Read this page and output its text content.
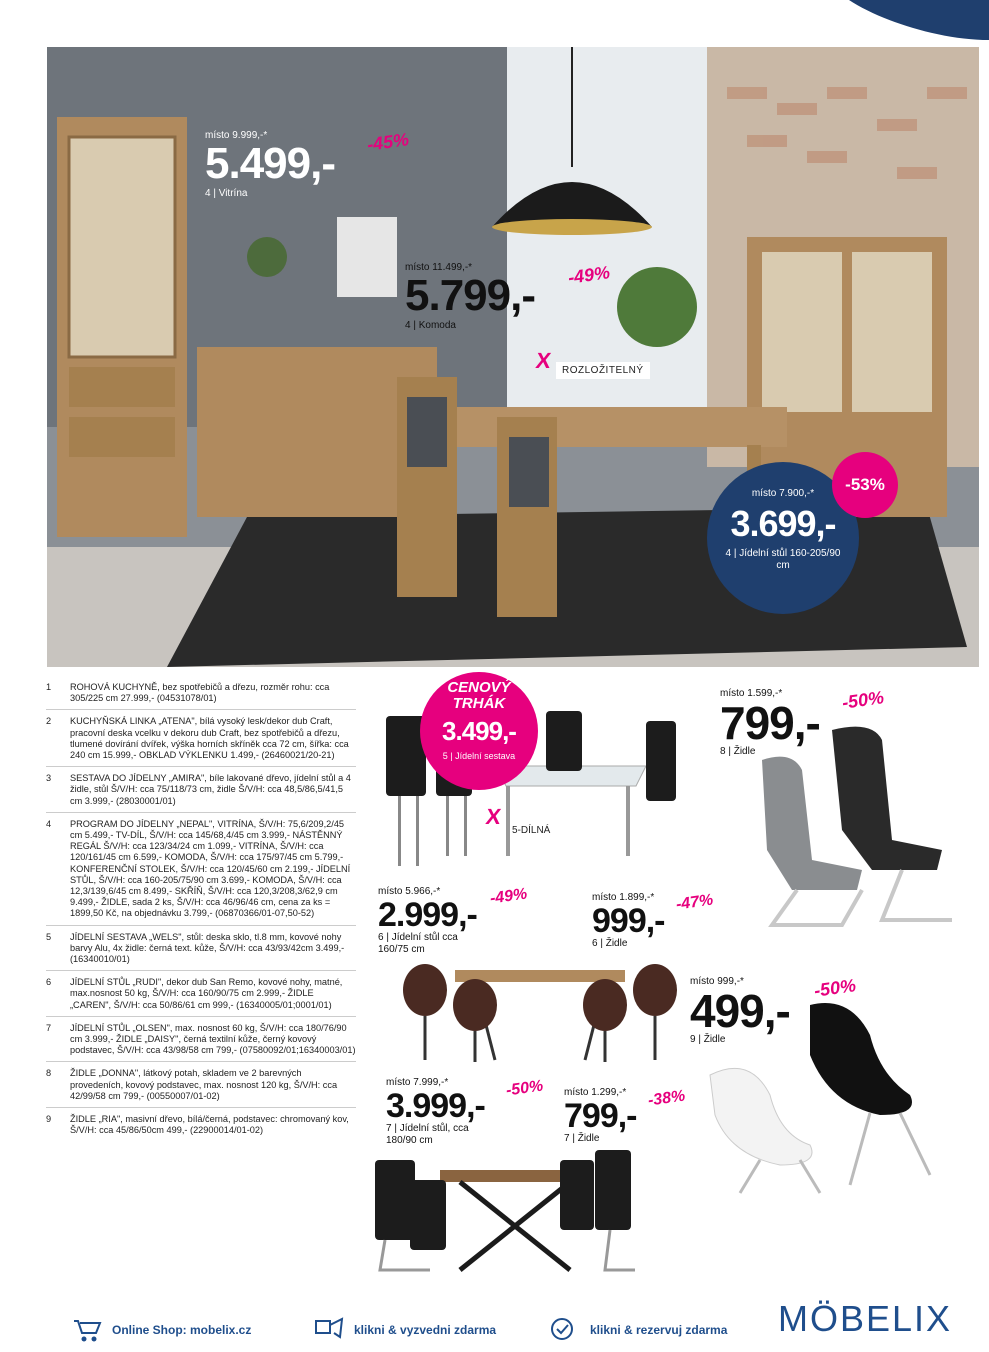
místo 9.999,-*
5.499,-
4 | Vitrína
-45%
místo 11.499,-*
5.799,-
4 | Komoda
-49%
X ROZLOŽITELNÝ
místo 7.900,-*
3.699,-
4 | Jídelní stůl 160-205/90 cm
-53%
1	ROHOVÁ KUCHYNĚ, bez spotřebičů a dřezu, rozměr rohu: cca 305/225 cm 27.999,- (04531078/01)
2	KUCHYŇSKÁ LINKA „ATENA", bílá vysoký lesk/dekor dub Craft, pracovní deska vcelku v dekoru dub Craft, bez spotřebičů a dřezu, tlumené dovírání dvířek, výška horních skříněk cca 72 cm, šířka: cca 240 cm 15.999,- OBKLAD VÝKLENKU 1.499,- (26460021/20-21)
3	SESTAVA DO JÍDELNY „AMIRA", bíle lakované dřevo, jídelní stůl a 4 židle, stůl Š/V/H: cca 75/118/73 cm, židle Š/V/H: cca 48,5/86,5/41,5 cm 3.999,- (28030001/01)
4	PROGRAM DO JÍDELNY „NEPAL", VITRÍNA, Š/V/H: 75,6/209,2/45 cm 5.499,- TV-DÍL, Š/V/H: cca 145/68,4/45 cm 3.999,- NÁSTĚNNÝ REGÁL Š/V/H: cca 123/34/24 cm 1.099,- VITRÍNA, Š/V/H: cca 120/161/45 cm 6.599,- KOMODA, Š/V/H: cca 175/97/45 cm 5.799,- KONFERENČNÍ STOLEK, Š/V/H: cca 120/45/60 cm 2.199,- JÍDELNÍ STŮL, Š/V/H: cca 160-205/75/90 cm 3.699,- KOMODA, Š/V/H: cca 12,3/139,6/45 cm 8.499,- SKŘÍŇ, Š/V/H: cca 120,3/208,3/62,9 cm 9.499,- ŽIDLE, sada 2 ks, Š/V/H: cca 46/96/46 cm, cena za ks = 1899,50 Kč, na objednávku 3.799,- (06870366/01-07,50-52)
5	JÍDELNÍ SESTAVA „WELS", stůl: deska sklo, tl.8 mm, kovové nohy barvy Alu, 4x židle: černá text. kůže, Š/V/H: cca 43/93/42cm 3.499,- (16340010/01)
6	JÍDELNÍ STŮL „RUDI", dekor dub San Remo, kovové nohy, matné, max.nosnost 50 kg, Š/V/H: cca 160/90/75 cm 2.999,- ŽIDLE „CAREN", Š/V/H: cca 50/86/61 cm 999,- (16340005/01;0001/01)
7	JÍDELNÍ STŮL „OLSEN", max. nosnost 60 kg, Š/V/H: cca 180/76/90 cm 3.999,- ŽIDLE „DAISY", černá textilní kůže, černý kovový podstavec, Š/V/H: cca 43/98/58 cm 799,- (07580092/01;16340003/01)
8	ŽIDLE „DONNA", látkový potah, skladem ve 2 barevných provedeních, kovový podstavec, max. nosnost 120 kg, Š/V/H: cca 42/99/58 cm 799,- (00550007/01-02)
9	ŽIDLE „RIA", masivní dřevo, bílá/černá, podstavec: chromovaný kov, Š/V/H: cca 45/86/50cm 499,- (22900014/01-02)
CENOVÝ
TRHÁK
3.499,-
5 | Jídelní sestava
X
5-DÍLNÁ
místo 1.599,-*
799,-
8 | Židle
-50%
místo 5.966,-*
2.999,-
6 | Jídelní stůl cca 160/75 cm
-49%	místo 1.899,-*
999,-
6 | Židle
-47%
místo 999,-*
499,-
9 | Židle
-50%
místo 7.999,-*
3.999,-
7 | Jídelní stůl, cca 180/90 cm
-50% místo 1.299,-*
799,-
7 | Židle
-38%
Online Shop: mobelix.cz	klikni & vyzvedni zdarma	klikni & rezervuj zdarma MÖBELIX
